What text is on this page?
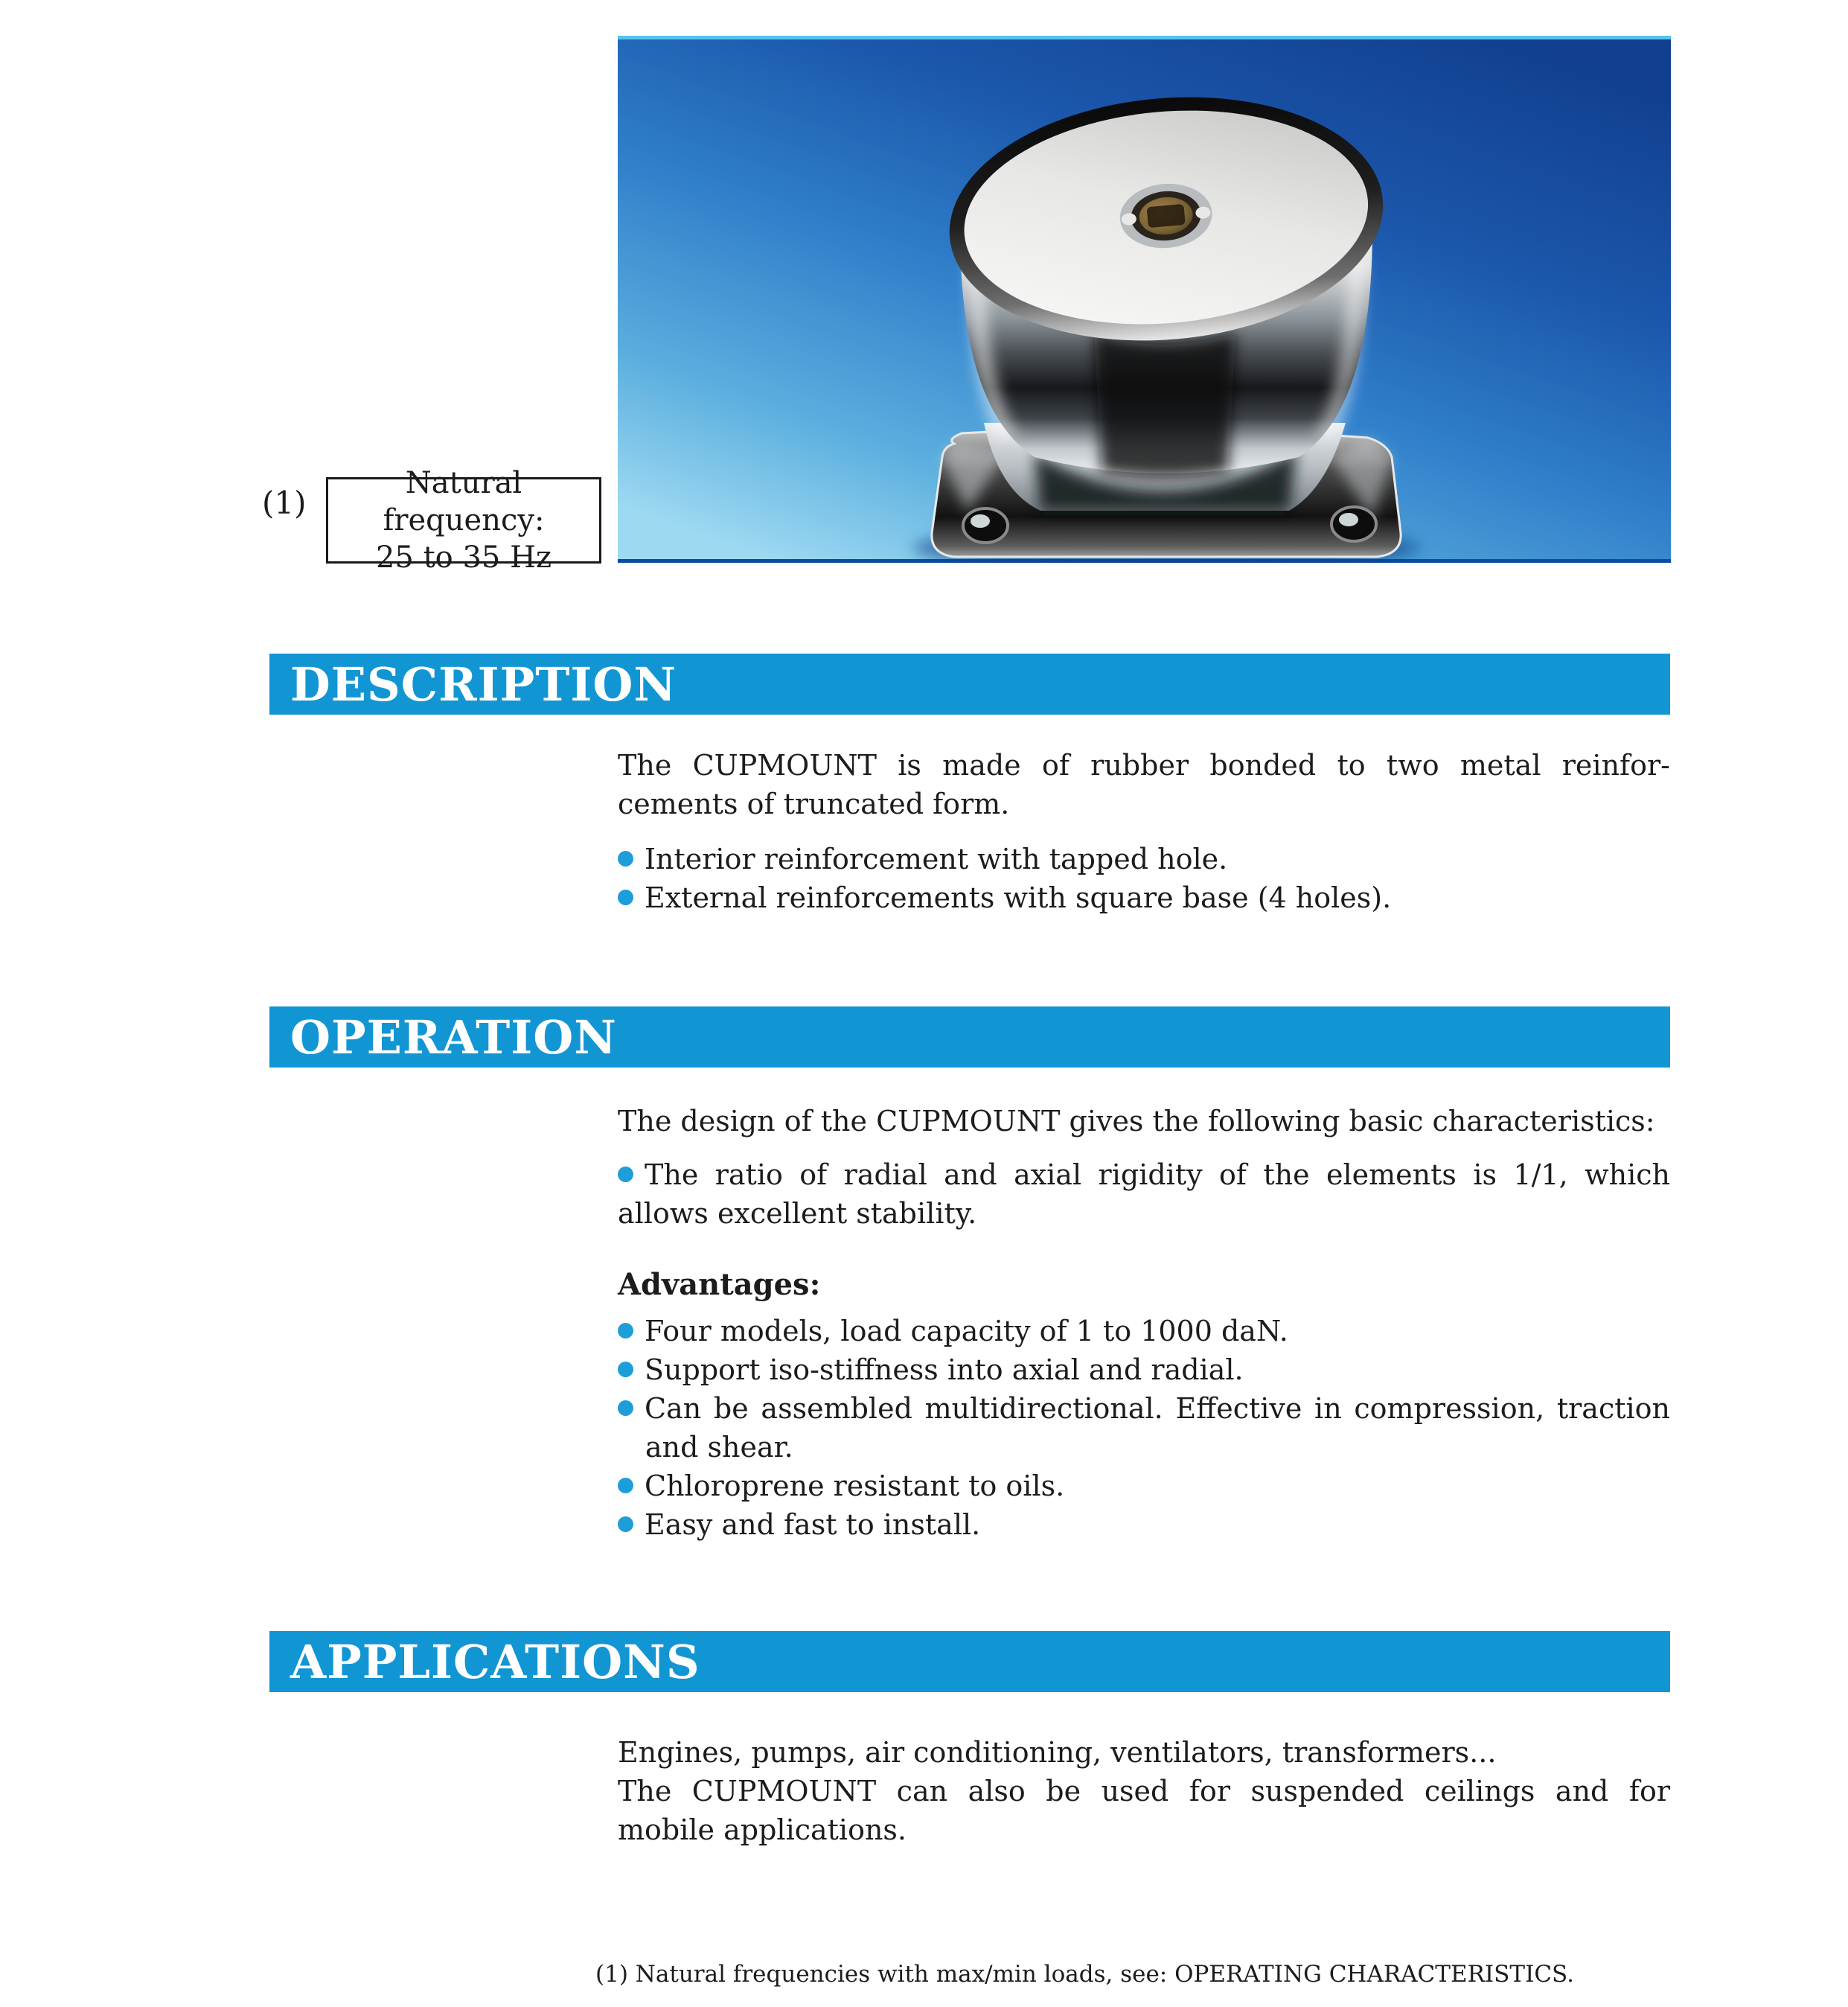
(1)
Natural frequency:
25 to 35 Hz
DESCRIPTION
The CUPMOUNT is made of rubber bonded to two metal reinfor-
cements of truncated form.
Interior reinforcement with tapped hole.
External reinforcements with square base (4 holes).
OPERATION
The design of the CUPMOUNT gives the following basic characteristics:
The ratio of radial and axial rigidity of the elements is 1/1, which
allows excellent stability.
Advantages:
Four models, load capacity of 1 to 1000 daN.
Support iso-stiffness into axial and radial.
Can be assembled multidirectional. Effective in compression, traction
and shear.
Chloroprene resistant to oils.
Easy and fast to install.
APPLICATIONS
Engines, pumps, air conditioning, ventilators, transformers...
The CUPMOUNT can also be used for suspended ceilings and for
mobile applications.
(1) Natural frequencies with max/min loads, see: OPERATING CHARACTERISTICS.
